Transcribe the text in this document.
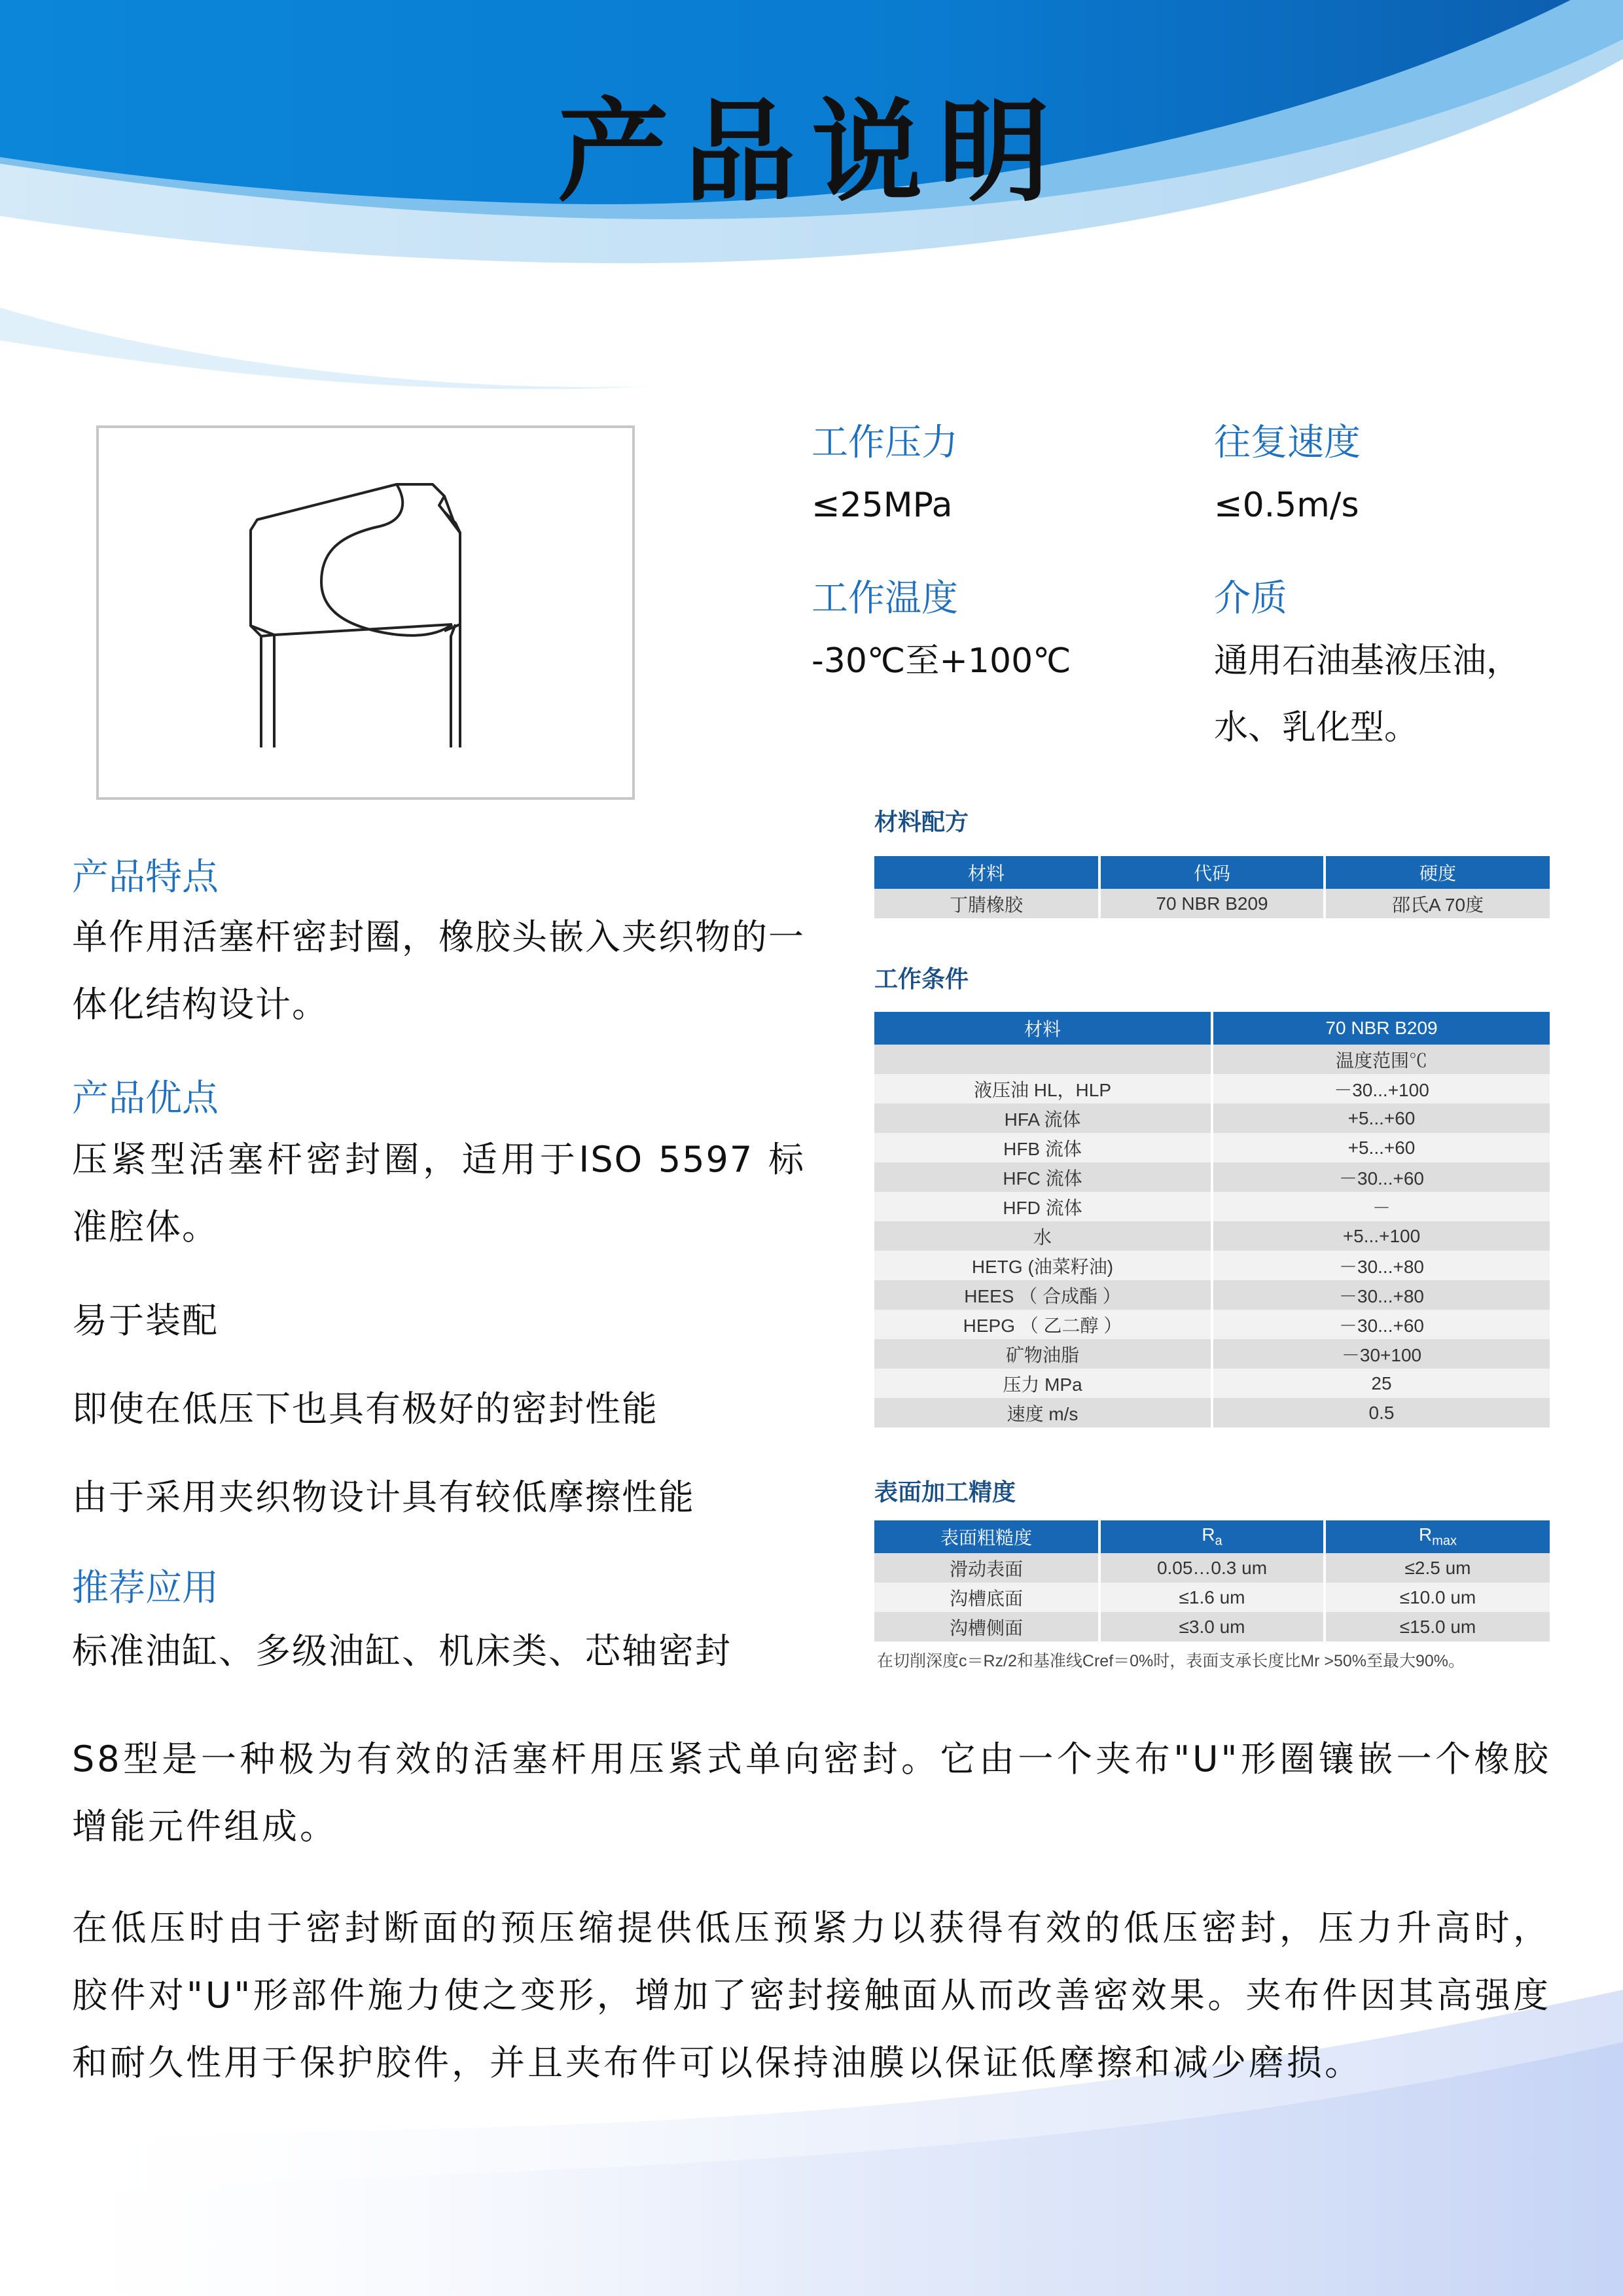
产品说明
工作压力
≤25MPa
往复速度
≤0.5m/s
工作温度
-30℃至+100℃
介质
通用石油基液压油，
水、乳化型。
产品特点
单作用活塞杆密封圈，橡胶头嵌入夹织物的一体化结构设计。
产品优点
压紧型活塞杆密封圈，适用于ISO 5597 标准腔体。
易于装配
即使在低压下也具有极好的密封性能
由于采用夹织物设计具有较低摩擦性能
推荐应用
标准油缸、多级油缸、机床类、芯轴密封
材料配方
材料	代码	硬度
丁腈橡胶	70 NBR B209	邵氏A 70度
工作条件
材料	70 NBR B209
	温度范围℃
液压油 HL，HLP	－30...+100
HFA 流体	+5...+60
HFB 流体	+5...+60
HFC 流体	－30...+60
HFD 流体	－
水	+5...+100
HETG (油菜籽油)	－30...+80
HEES （ 合成酯 ）	－30...+80
HEPG （ 乙二醇 ）	－30...+60
矿物油脂	－30+100
压力 MPa	25
速度 m/s	0.5
表面加工精度
表面粗糙度	$R_a$	$R_{max}$
滑动表面	0.05…0.3 um	≤2.5 um
沟槽底面	≤1.6 um	≤10.0 um
沟槽侧面	≤3.0 um	≤15.0 um
在切削深度c＝Rz/2和基准线Cref＝0%时，表面支承长度比Mr >50%至最大90%。
S8型是一种极为有效的活塞杆用压紧式单向密封。它由一个夹布"U"形圈镶嵌一个橡胶增能元件组成。
在低压时由于密封断面的预压缩提供低压预紧力以获得有效的低压密封，压力升高时，胶件对"U"形部件施力使之变形，增加了密封接触面从而改善密效果。夹布件因其高强度和耐久性用于保护胶件，并且夹布件可以保持油膜以保证低摩擦和减少磨损。
